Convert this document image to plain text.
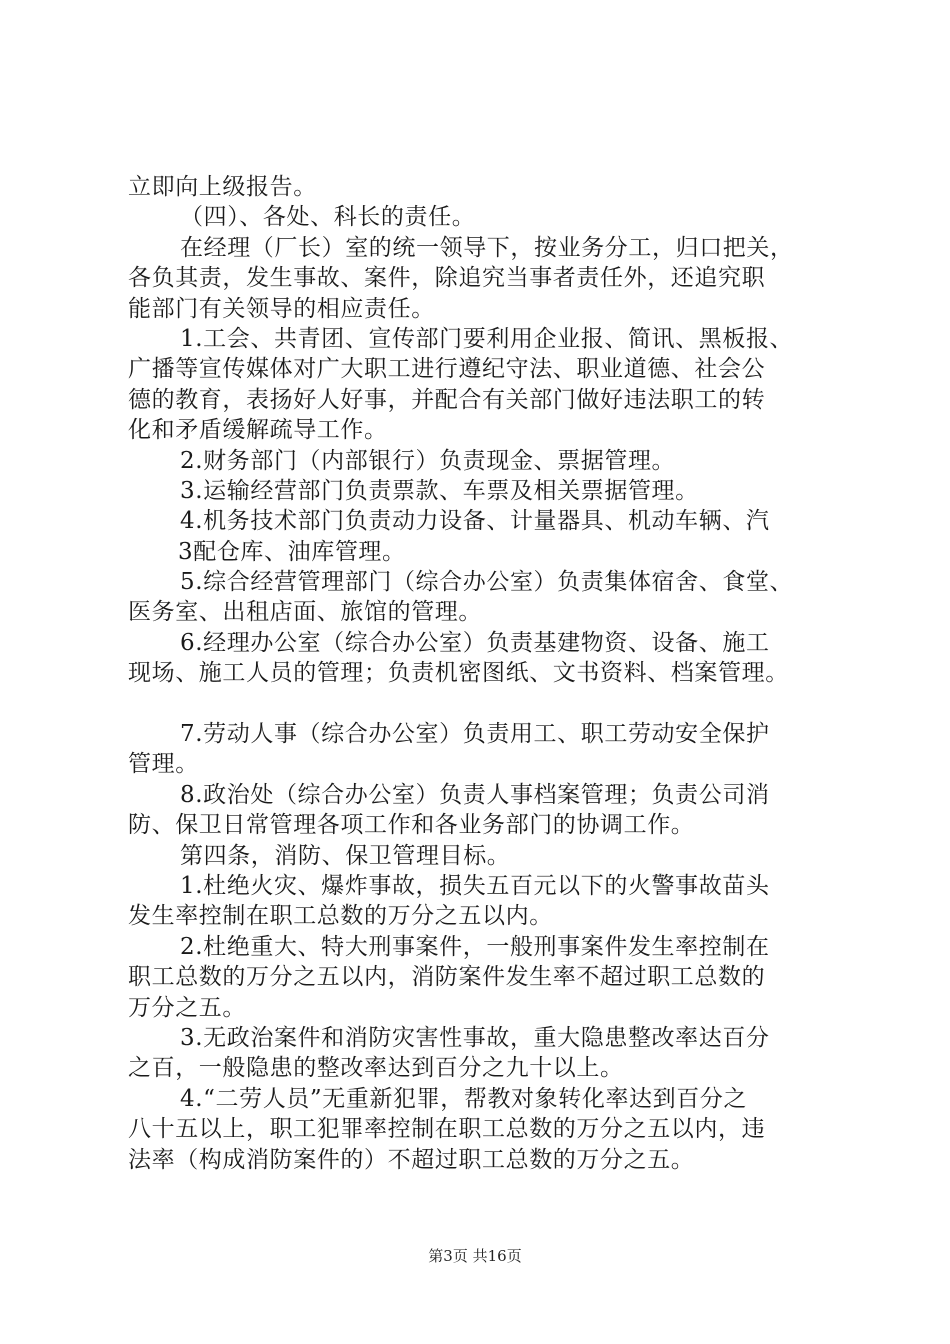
立即向上级报告。
（四）、各处、科长的责任。
在经理（厂长）室的统一领导下，按业务分工，归口把关，
各负其责，发生事故、案件，除追究当事者责任外，还追究职
能部门有关领导的相应责任。
1.工会、共青团、宣传部门要利用企业报、简讯、黑板报、
广播等宣传媒体对广大职工进行遵纪守法、职业道德、社会公
德的教育，表扬好人好事，并配合有关部门做好违法职工的转
化和矛盾缓解疏导工作。
2.财务部门（内部银行）负责现金、票据管理。
3.运输经营部门负责票款、车票及相关票据管理。
4.机务技术部门负责动力设备、计量器具、机动车辆、汽
3配仓库、油库管理。
5.综合经营管理部门（综合办公室）负责集体宿舍、食堂、
医务室、出租店面、旅馆的管理。
6.经理办公室（综合办公室）负责基建物资、设备、施工
现场、施工人员的管理；负责机密图纸、文书资料、档案管理。
7.劳动人事（综合办公室）负责用工、职工劳动安全保护
管理。
8.政治处（综合办公室）负责人事档案管理；负责公司消
防、保卫日常管理各项工作和各业务部门的协调工作。
第四条，消防、保卫管理目标。
1.杜绝火灾、爆炸事故，损失五百元以下的火警事故苗头
发生率控制在职工总数的万分之五以内。
2.杜绝重大、特大刑事案件，一般刑事案件发生率控制在
职工总数的万分之五以内，消防案件发生率不超过职工总数的
万分之五。
3.无政治案件和消防灾害性事故，重大隐患整改率达百分
之百，一般隐患的整改率达到百分之九十以上。
4.“二劳人员”无重新犯罪，帮教对象转化率达到百分之
八十五以上，职工犯罪率控制在职工总数的万分之五以内，违
法率（构成消防案件的）不超过职工总数的万分之五。
第3页 共16页
